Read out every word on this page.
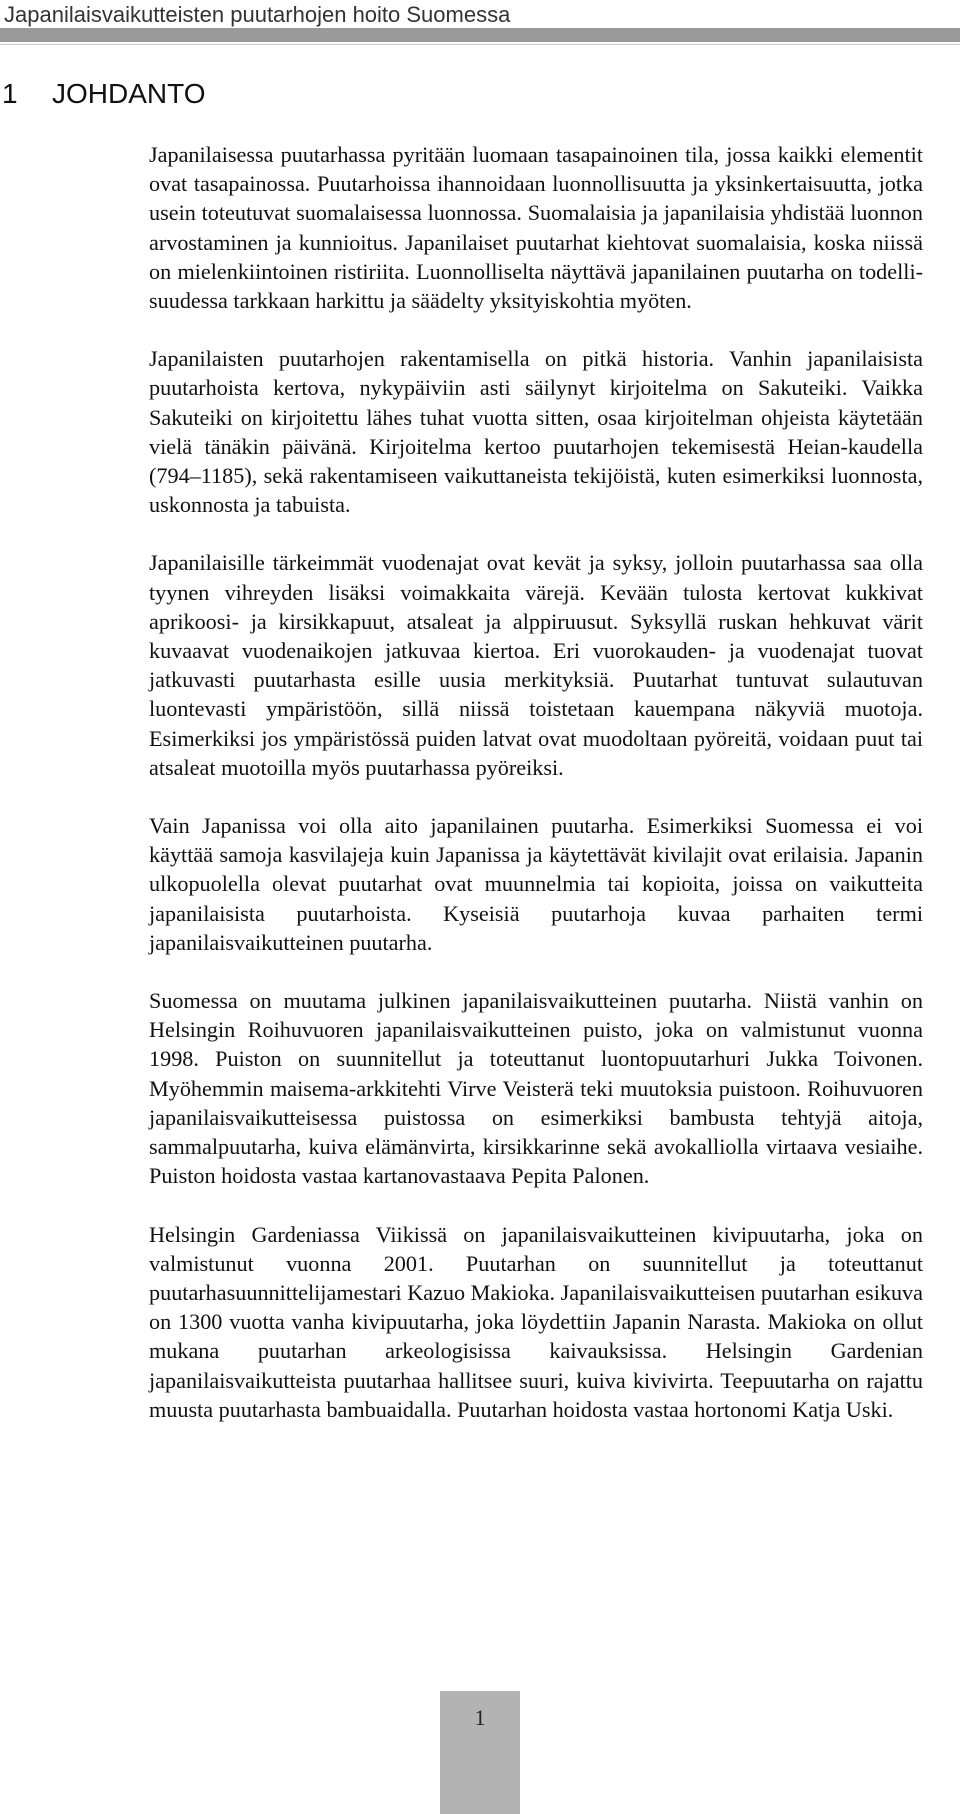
Japanilaisvaikutteisten puutarhojen hoito Suomessa
1 JOHDANTO

Japanilaisessa puutarhassa pyritään luomaan tasapainoinen tila, jossa kaikki elementit ovat tasapainossa. Puutarhoissa ihannoidaan luonnollisuutta ja yksinkertaisuutta, jotka usein toteutuvat suomalaisessa luonnossa. Suomalaisia ja japanilaisia yhdistää luonnon arvostaminen ja kunnioitus. Japanilaiset puutarhat kiehtovat suomalaisia, koska niissä on mielenkiintoinen ristiriita. Luonnolliselta näyttävä japanilainen puutarha on todellisuudessa tarkkaan harkittu ja säädelty yksityiskohtia myöten.

Japanilaisten puutarhojen rakentamisella on pitkä historia. Vanhin japanilaisista puutarhoista kertova, nykypäiviin asti säilynyt kirjoitelma on Sakuteiki. Vaikka Sakuteiki on kirjoitettu lähes tuhat vuotta sitten, osaa kirjoitelman ohjeista käytetään vielä tänäkin päivänä. Kirjoitelma kertoo puutarhojen tekemisestä Heian-kaudella (794–1185), sekä rakentamiseen vaikuttaneista tekijöistä, kuten esimerkiksi luonnosta, uskonnosta ja tabuista.

Japanilaisille tärkeimmät vuodenajat ovat kevät ja syksy, jolloin puutarhassa saa olla tyynen vihreyden lisäksi voimakkaita värejä. Kevään tulosta kertovat kukkivat aprikoosi- ja kirsikkapuut, atsaleat ja alppiruusut. Syksyllä ruskan hehkuvat värit kuvaavat vuodenaikojen jatkuvaa kiertoa. Eri vuorokauden- ja vuodenajat tuovat jatkuvasti puutarhasta esille uusia merkityksiä. Puutarhat tuntuvat sulautuvan luontevasti ympäristöön, sillä niissä toistetaan kauempana näkyviä muotoja. Esimerkiksi jos ympäristössä puiden latvat ovat muodoltaan pyöreitä, voidaan puut tai atsaleat muotoilla myös puutarhassa pyöreiksi.

Vain Japanissa voi olla aito japanilainen puutarha. Esimerkiksi Suomessa ei voi käyttää samoja kasvilajeja kuin Japanissa ja käytettävät kivilajit ovat erilaisia. Japanin ulkopuolella olevat puutarhat ovat muunnelmia tai kopioita, joissa on vaikutteita japanilaisista puutarhoista. Kyseisiä puutarhoja kuvaa parhaiten termi japanilaisvaikutteinen puutarha.

Suomessa on muutama julkinen japanilaisvaikutteinen puutarha. Niistä vanhin on Helsingin Roihuvuoren japanilaisvaikutteinen puisto, joka on valmistunut vuonna 1998. Puiston on suunnitellut ja toteuttanut luontopuutarhuri Jukka Toivonen. Myöhemmin maisema-arkkitehti Virve Veisterä teki muutoksia puistoon. Roihuvuoren japanilaisvaikutteisessa puistossa on esimerkiksi bambusta tehtyjä aitoja, sammalpuutarha, kuiva elämänvirta, kirsikkarinne sekä avokalliolla virtaava vesiaihe. Puiston hoidosta vastaa kartanovastaava Pepita Palonen.

Helsingin Gardeniassa Viikissä on japanilaisvaikutteinen kivipuutarha, joka on valmistunut vuonna 2001. Puutarhan on suunnitellut ja toteuttanut puutarhasuunnittelijamestari Kazuo Makioka. Japanilaisvaikutteisen puutarhan esikuva on 1300 vuotta vanha kivipuutarha, joka löydettiin Japanin Narasta. Makioka on ollut mukana puutarhan arkeologisissa kaivauksissa. Helsingin Gardenian japanilaisvaikutteista puutarhaa hallitsee suuri, kuiva kivivirta. Teepuutarha on rajattu muusta puutarhasta bambuaidalla. Puutarhan hoidosta vastaa hortonomi Katja Uski.

1
